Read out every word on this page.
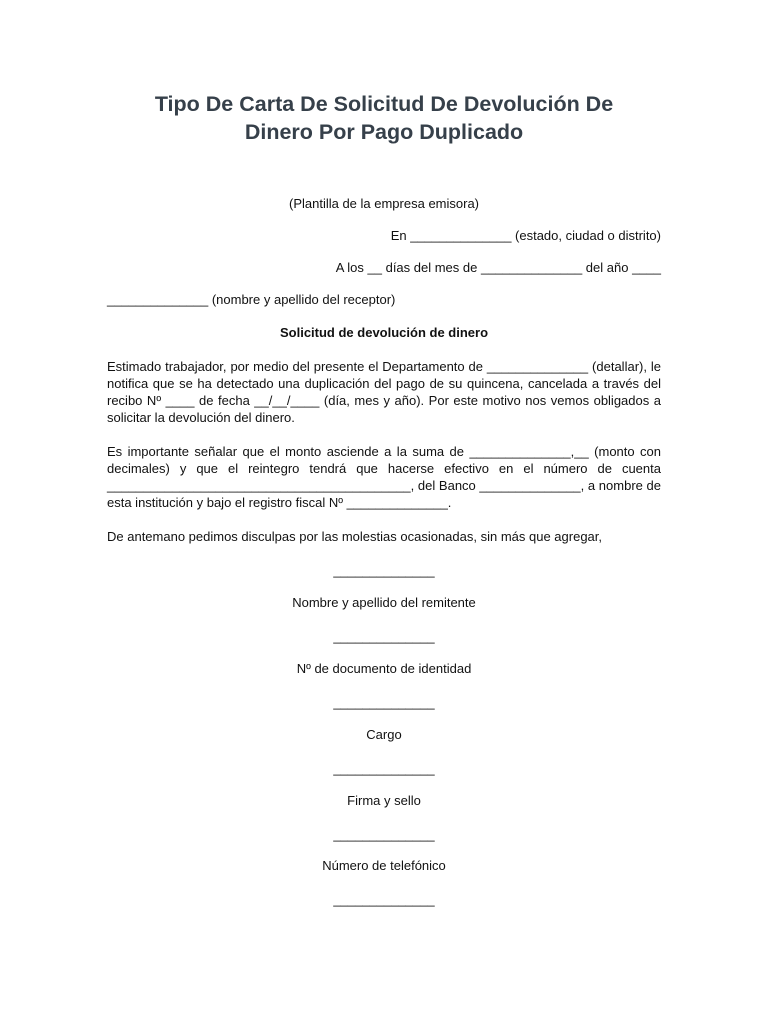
Tipo De Carta De Solicitud De Devolución De
Dinero Por Pago Duplicado
(Plantilla de la empresa emisora)
En ______________ (estado, ciudad o distrito)
A los __ días del mes de ______________ del año ____
______________ (nombre y apellido del receptor)
Solicitud de devolución de dinero

Estimado trabajador, por medio del presente el Departamento de ______________ (detallar), le notifica que se ha detectado una duplicación del pago de su quincena, cancelada a través del recibo Nº ____ de fecha __/__/____ (día, mes y año). Por este motivo nos vemos obligados a solicitar la devolución del dinero.

Es importante señalar que el monto asciende a la suma de ______________,__ (monto con decimales) y que el reintegro tendrá que hacerse efectivo en el número de cuenta __________________________________________, del Banco ______________, a nombre de esta institución y bajo el registro fiscal Nº ______________.

De antemano pedimos disculpas por las molestias ocasionadas, sin más que agregar,
______________
Nombre y apellido del remitente
______________
Nº de documento de identidad
______________
Cargo
______________
Firma y sello
______________
Número de telefónico
______________
